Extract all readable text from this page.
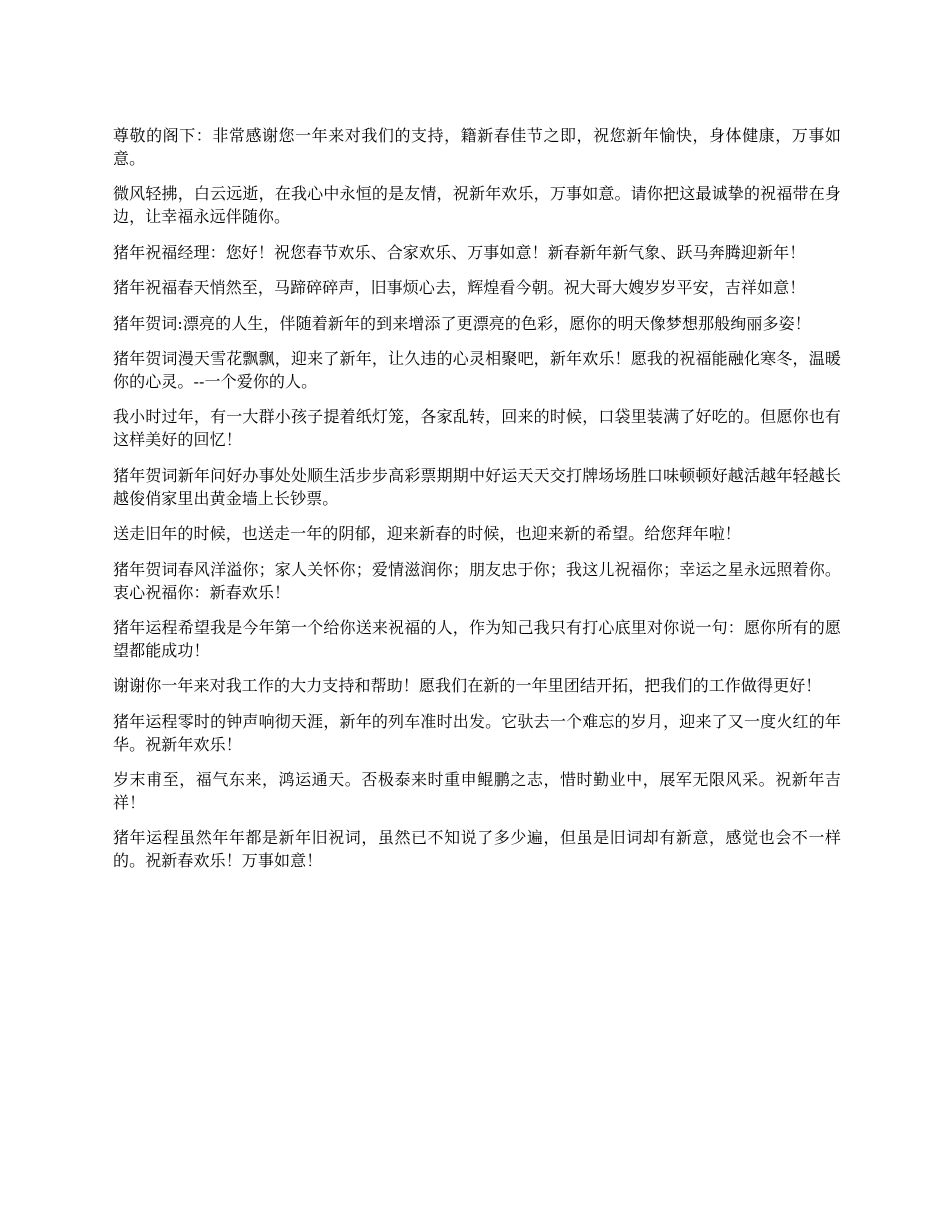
尊敬的阁下：非常感谢您一年来对我们的支持，籍新春佳节之即，祝您新年愉快，身体健康，万事如意。

微风轻拂，白云远逝，在我心中永恒的是友情，祝新年欢乐，万事如意。请你把这最诚挚的祝福带在身边，让幸福永远伴随你。

猪年祝福经理：您好！祝您春节欢乐、合家欢乐、万事如意！新春新年新气象、跃马奔腾迎新年！

猪年祝福春天悄然至，马蹄碎碎声，旧事烦心去，辉煌看今朝。祝大哥大嫂岁岁平安，吉祥如意！

猪年贺词:漂亮的人生，伴随着新年的到来增添了更漂亮的色彩，愿你的明天像梦想那般绚丽多姿！

猪年贺词漫天雪花飘飘，迎来了新年，让久违的心灵相聚吧，新年欢乐！愿我的祝福能融化寒冬，温暖你的心灵。--一个爱你的人。

我小时过年，有一大群小孩子提着纸灯笼，各家乱转，回来的时候，口袋里装满了好吃的。但愿你也有这样美好的回忆！

猪年贺词新年问好办事处处顺生活步步高彩票期期中好运天天交打牌场场胜口味顿顿好越活越年轻越长越俊俏家里出黄金墙上长钞票。

送走旧年的时候，也送走一年的阴郁，迎来新春的时候，也迎来新的希望。给您拜年啦！

猪年贺词春风洋溢你；家人关怀你；爱情滋润你；朋友忠于你；我这儿祝福你；幸运之星永远照着你。衷心祝福你：新春欢乐！

猪年运程希望我是今年第一个给你送来祝福的人，作为知己我只有打心底里对你说一句：愿你所有的愿望都能成功！

谢谢你一年来对我工作的大力支持和帮助！愿我们在新的一年里团结开拓，把我们的工作做得更好！

猪年运程零时的钟声响彻天涯，新年的列车准时出发。它驮去一个难忘的岁月，迎来了又一度火红的年华。祝新年欢乐！

岁末甫至，福气东来，鸿运通天。否极泰来时重申鲲鹏之志，惜时勤业中，展军无限风采。祝新年吉祥！

猪年运程虽然年年都是新年旧祝词，虽然已不知说了多少遍，但虽是旧词却有新意，感觉也会不一样的。祝新春欢乐！万事如意！
